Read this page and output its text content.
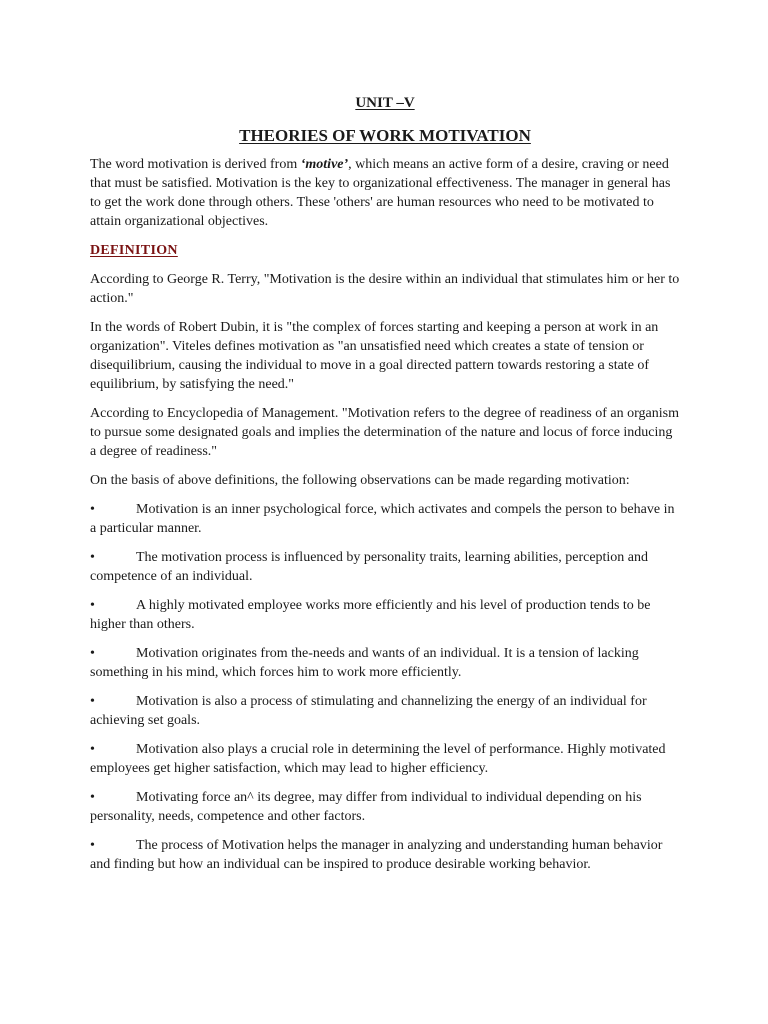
UNIT –V
THEORIES OF WORK MOTIVATION

The word motivation is derived from ‘motive’, which means an active form of a desire, craving or need that must be satisfied. Motivation is the key to organizational effectiveness. The manager in general has to get the work done through others. These 'others' are human resources who need to be motivated to attain organizational objectives.

DEFINITION

According to George R. Terry, "Motivation is the desire within an individual that stimulates him or her to action."

In the words of Robert Dubin, it is "the complex of forces starting and keeping a person at work in an organization". Viteles defines motivation as "an unsatisfied need which creates a state of tension or disequilibrium, causing the individual to move in a goal directed pattern towards restoring a state of equilibrium, by satisfying the need."

According to Encyclopedia of Management. "Motivation refers to the degree of readiness of an organism to pursue some designated goals and implies the determination of the nature and locus of force inducing a degree of readiness."

On the basis of above definitions, the following observations can be made regarding motivation:

•	Motivation is an inner psychological force, which activates and compels the person to behave in a particular manner.
•	The motivation process is influenced by personality traits, learning abilities, perception and competence of an individual.
•	A highly motivated employee works more efficiently and his level of production tends to be higher than others.
•	Motivation originates from the-needs and wants of an individual. It is a tension of lacking something in his mind, which forces him to work more efficiently.
•	Motivation is also a process of stimulating and channelizing the energy of an individual for achieving set goals.
•	Motivation also plays a crucial role in determining the level of performance. Highly motivated employees get higher satisfaction, which may lead to higher efficiency.
•	Motivating force an^ its degree, may differ from individual to individual depending on his personality, needs, competence and other factors.
•	The process of Motivation helps the manager in analyzing and understanding human behavior and finding but how an individual can be inspired to produce desirable working behavior.
